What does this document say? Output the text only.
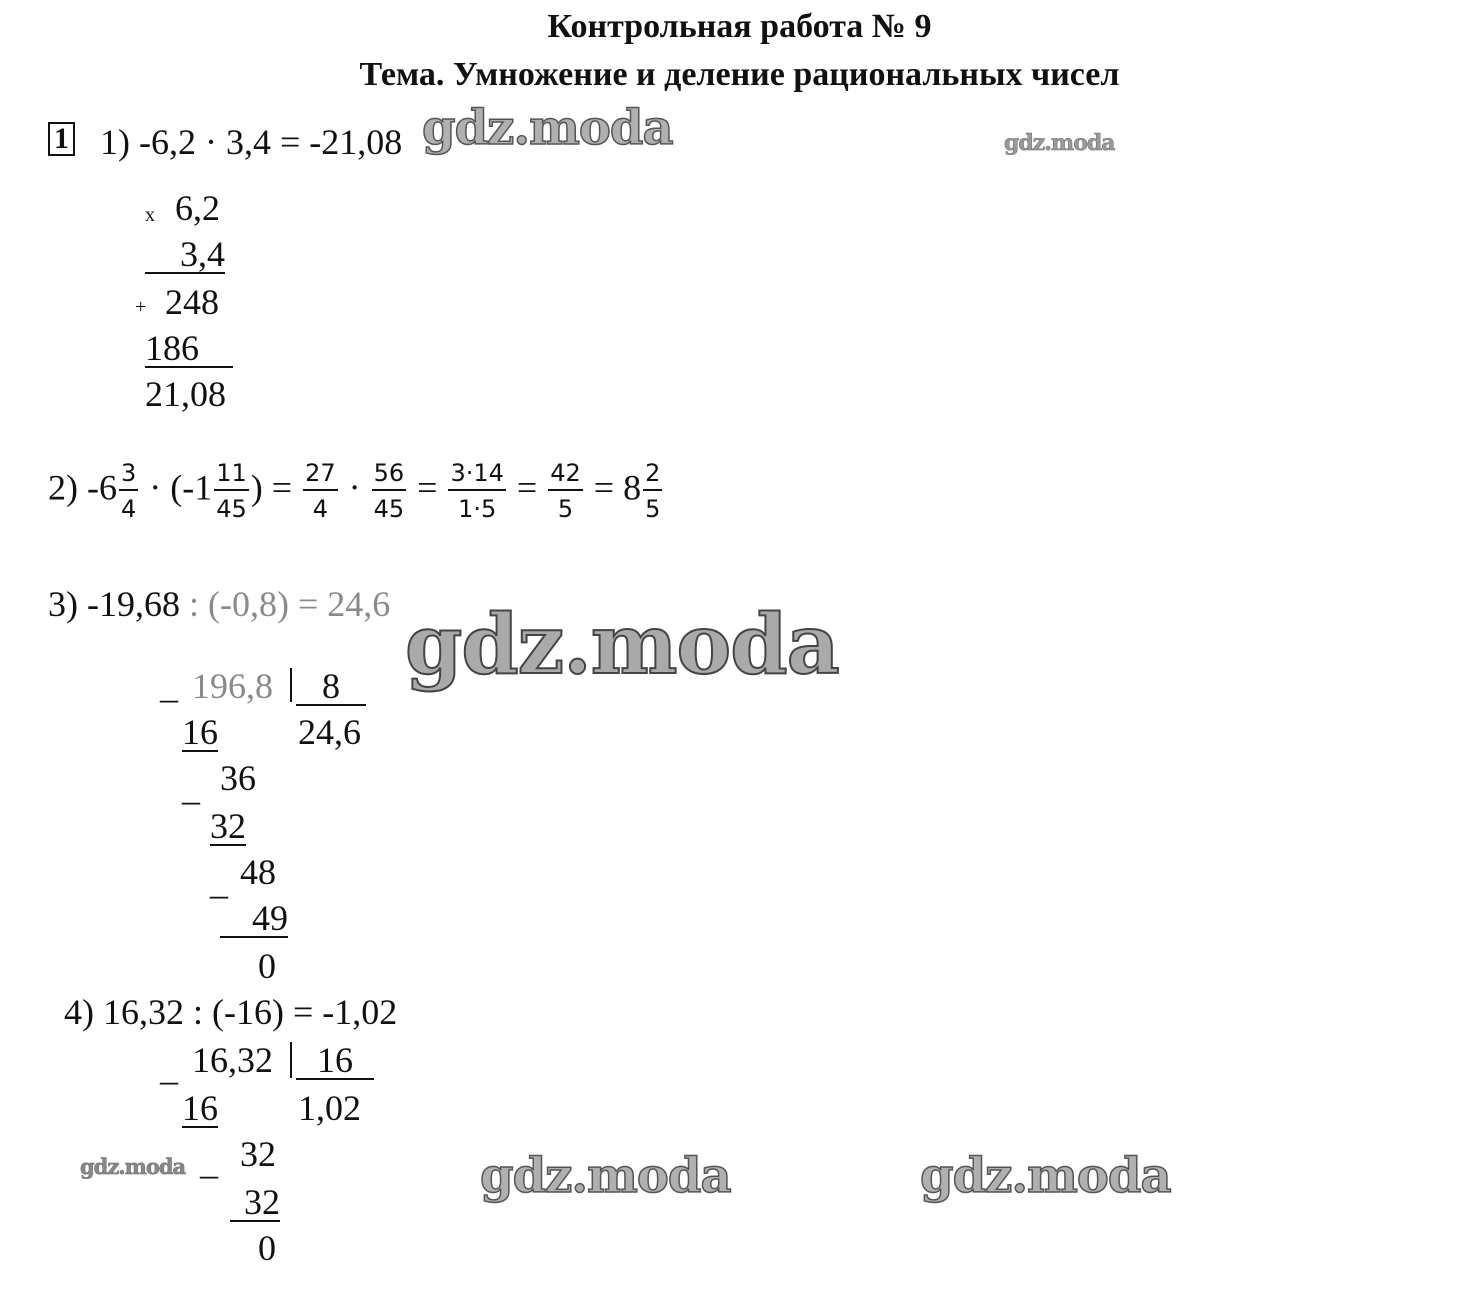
Контрольная работа № 9
Тема. Умножение и деление рациональных чисел
1 1) -6,2 · 3,4 = -21,08
x 6,2
3,4
+ 248
186
21,08
2) $-6 \frac{3}{4} \cdot (-1 \frac{11}{45}$ ) = $\frac{27}{4} \cdot \frac{56}{45} = \frac{3\cdot 14}{1\cdot 5} = \frac{42}{5} = 8 \frac{2}{5}$
3) -19,68 : (-0,8) = 24,6
_ 196,8	8
16 24,6
_ 36
32
_ 48
49
0
4) 16,32 : (-16) = -1,02
_ 16,32	16
16 1,02
_ 32
32
0
gdz.moda	gdz.moda
gdz.moda
gdz.moda	gdz.moda	gdz.moda
